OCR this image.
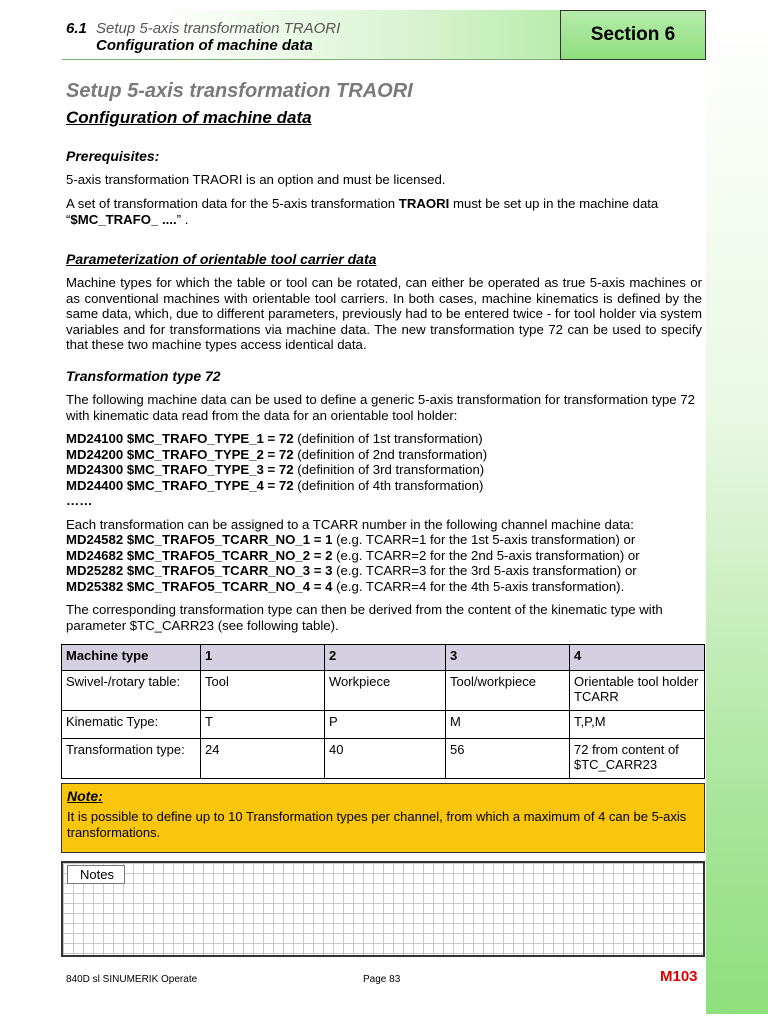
6.1 Setup 5-axis transformation TRAORI
Configuration of machine data
Section 6
Setup 5-axis transformation TRAORI
Configuration of machine data
Prerequisites:

5-axis transformation TRAORI is an option and must be licensed.

A set of transformation data for the 5-axis transformation TRAORI must be set up in the machine data “$MC_TRAFO_ ....” .

Parameterization of orientable tool carrier data

Machine types for which the table or tool can be rotated, can either be operated as true 5-axis machines or as conventional machines with orientable tool carriers. In both cases, machine kinematics is defined by the same data, which, due to different parameters, previously had to be entered twice - for tool holder via system variables and for transformations via machine data. The new transformation type 72 can be used to specify that these two machine types access identical data.

Transformation type 72

The following machine data can be used to define a generic 5-axis transformation for transformation type 72 with kinematic data read from the data for an orientable tool holder:

MD24100 $MC_TRAFO_TYPE_1 = 72 (definition of 1st transformation)
MD24200 $MC_TRAFO_TYPE_2 = 72 (definition of 2nd transformation)
MD24300 $MC_TRAFO_TYPE_3 = 72 (definition of 3rd transformation)
MD24400 $MC_TRAFO_TYPE_4 = 72 (definition of 4th transformation)
……

Each transformation can be assigned to a TCARR number in the following channel machine data:

MD24582 $MC_TRAFO5_TCARR_NO_1 = 1 (e.g. TCARR=1 for the 1st 5-axis transformation) or
MD24682 $MC_TRAFO5_TCARR_NO_2 = 2 (e.g. TCARR=2 for the 2nd 5-axis transformation) or
MD25282 $MC_TRAFO5_TCARR_NO_3 = 3 (e.g. TCARR=3 for the 3rd 5-axis transformation) or
MD25382 $MC_TRAFO5_TCARR_NO_4 = 4 (e.g. TCARR=4 for the 4th 5-axis transformation).

The corresponding transformation type can then be derived from the content of the kinematic type with parameter $TC_CARR23 (see following table).

Machine type	1	2	3	4
Swivel-/rotary table:	Tool	Workpiece	Tool/workpiece	Orientable tool holder TCARR
Kinematic Type:	T	P	M	T,P,M
Transformation type:	24	40	56	72 from content of $TC_CARR23
Note:
It is possible to define up to 10 Transformation types per channel, from which a maximum of 4 can be 5-axis transformations.
Notes
840D sl SINUMERIK Operate	Page 83	M103
